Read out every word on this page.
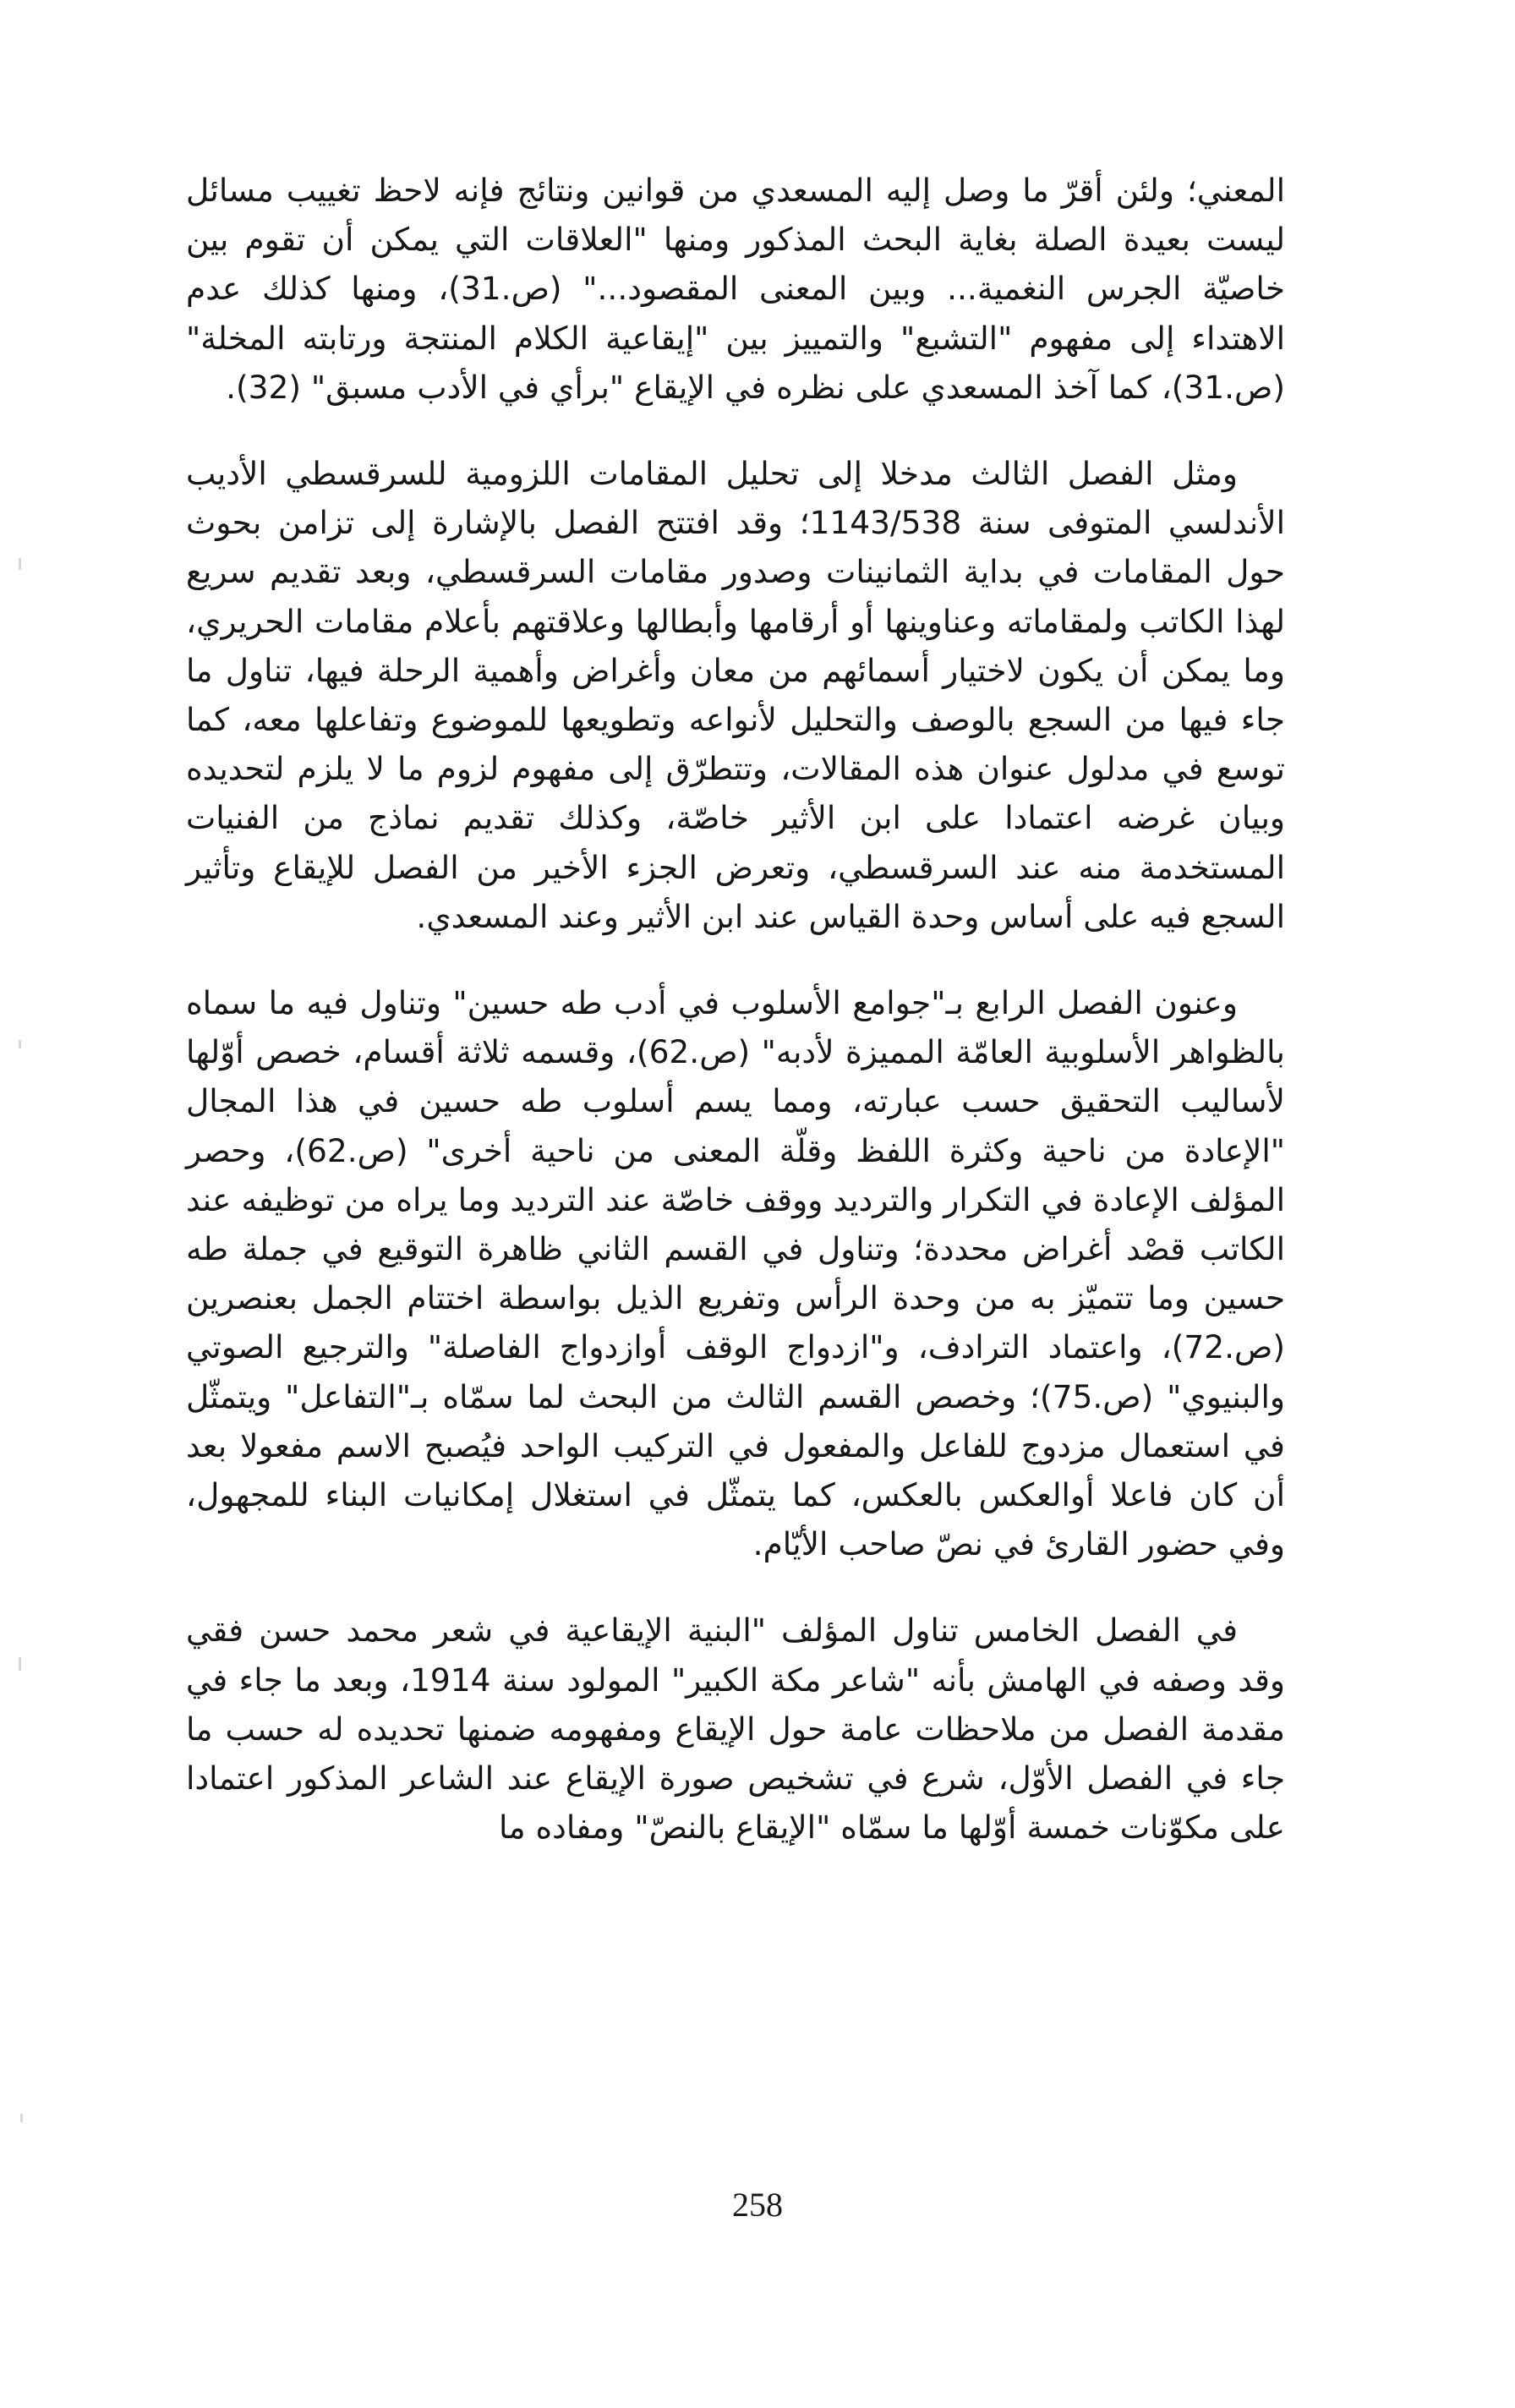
المعني؛ ولئن أقرّ ما وصل إليه المسعدي من قوانين ونتائج فإنه لاحظ تغييب مسائل ليست بعيدة الصلة بغاية البحث المذكور ومنها "العلاقات التي يمكن أن تقوم بين خاصيّة الجرس النغمية... وبين المعنى المقصود..." (ص.31)، ومنها كذلك عدم الاهتداء إلى مفهوم "التشبع" والتمييز بين "إيقاعية الكلام المنتجة ورتابته المخلة" (ص.31)، كما آخذ المسعدي على نظره في الإيقاع "برأي في الأدب مسبق" (32).

ومثل الفصل الثالث مدخلا إلى تحليل المقامات اللزومية للسرقسطي الأديب الأندلسي المتوفى سنة 1143/538؛ وقد افتتح الفصل بالإشارة إلى تزامن بحوث حول المقامات في بداية الثمانينات وصدور مقامات السرقسطي، وبعد تقديم سريع لهذا الكاتب ولمقاماته وعناوينها أو أرقامها وأبطالها وعلاقتهم بأعلام مقامات الحريري، وما يمكن أن يكون لاختيار أسمائهم من معان وأغراض وأهمية الرحلة فيها، تناول ما جاء فيها من السجع بالوصف والتحليل لأنواعه وتطويعها للموضوع وتفاعلها معه، كما توسع في مدلول عنوان هذه المقالات، وتتطرّق إلى مفهوم لزوم ما لا يلزم لتحديده وبيان غرضه اعتمادا على ابن الأثير خاصّة، وكذلك تقديم نماذج من الفنيات المستخدمة منه عند السرقسطي، وتعرض الجزء الأخير من الفصل للإيقاع وتأثير السجع فيه على أساس وحدة القياس عند ابن الأثير وعند المسعدي.

وعنون الفصل الرابع بـ"جوامع الأسلوب في أدب طه حسين" وتناول فيه ما سماه بالظواهر الأسلوبية العامّة المميزة لأدبه" (ص.62)، وقسمه ثلاثة أقسام، خصص أوّلها لأساليب التحقيق حسب عبارته، ومما يسم أسلوب طه حسين في هذا المجال "الإعادة من ناحية وكثرة اللفظ وقلّة المعنى من ناحية أخرى" (ص.62)، وحصر المؤلف الإعادة في التكرار والترديد ووقف خاصّة عند الترديد وما يراه من توظيفه عند الكاتب قصْد أغراض محددة؛ وتناول في القسم الثاني ظاهرة التوقيع في جملة طه حسين وما تتميّز به من وحدة الرأس وتفريع الذيل بواسطة اختتام الجمل بعنصرين (ص.72)، واعتماد الترادف، و"ازدواج الوقف أوازدواج الفاصلة" والترجيع الصوتي والبنيوي" (ص.75)؛ وخصص القسم الثالث من البحث لما سمّاه بـ"التفاعل" ويتمثّل في استعمال مزدوج للفاعل والمفعول في التركيب الواحد فيُصبح الاسم مفعولا بعد أن كان فاعلا أوالعكس بالعكس، كما يتمثّل في استغلال إمكانيات البناء للمجهول، وفي حضور القارئ في نصّ صاحب الأيّام.

في الفصل الخامس تناول المؤلف "البنية الإيقاعية في شعر محمد حسن فقي وقد وصفه في الهامش بأنه "شاعر مكة الكبير" المولود سنة 1914، وبعد ما جاء في مقدمة الفصل من ملاحظات عامة حول الإيقاع ومفهومه ضمنها تحديده له حسب ما جاء في الفصل الأوّل، شرع في تشخيص صورة الإيقاع عند الشاعر المذكور اعتمادا على مكوّنات خمسة أوّلها ما سمّاه "الإيقاع بالنصّ" ومفاده ما

258
